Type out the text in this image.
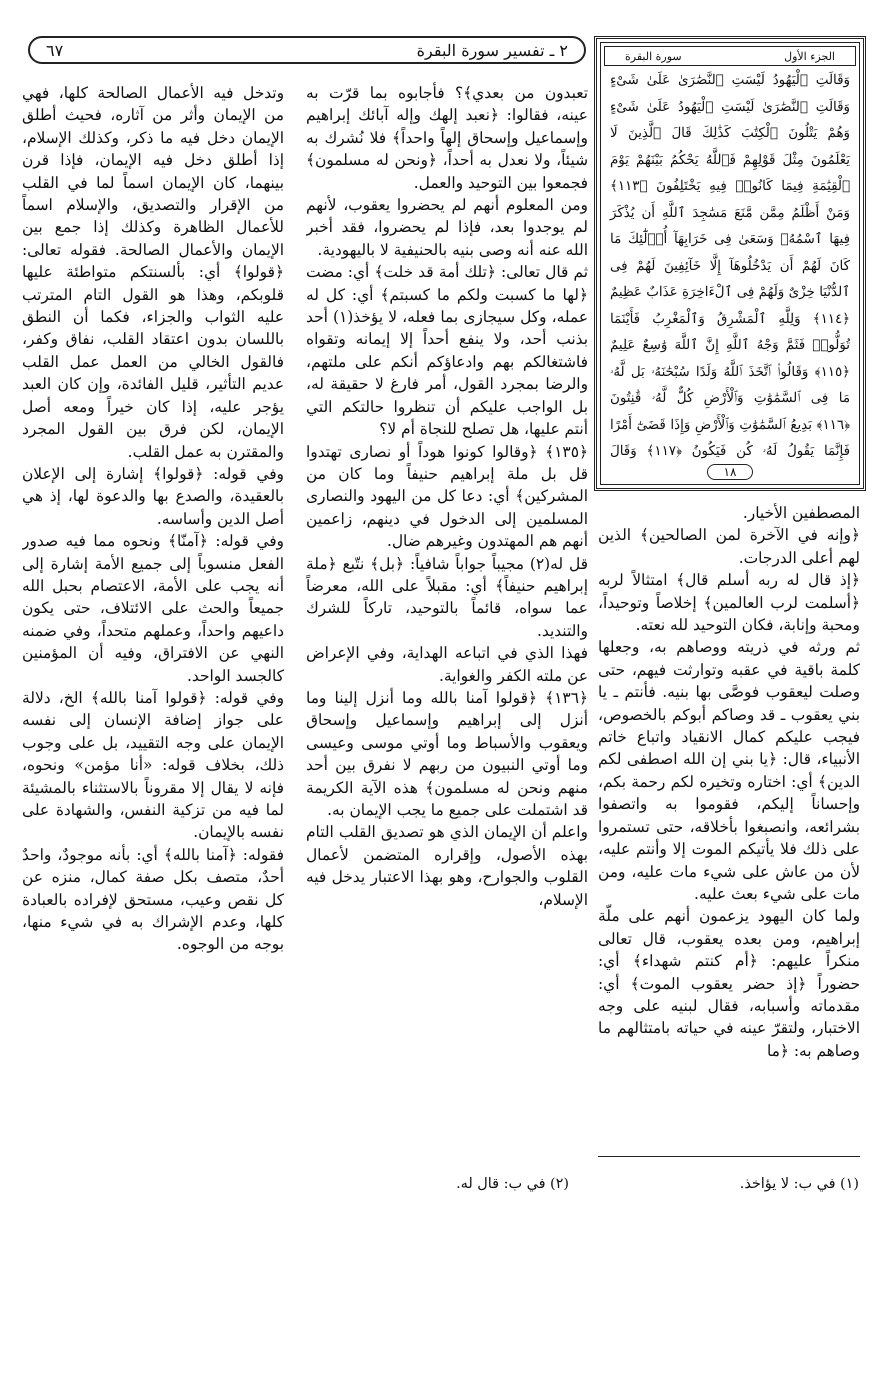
٢ ـ تفسير سورة البقرة
٦٧	الجزء الأول
سورة البقرة
وَقَالَتِ ٱلْيَهُودُ لَيْسَتِ ٱلنَّصَٰرَىٰ عَلَىٰ شَىْءٍ وَقَالَتِ ٱلنَّصَٰرَىٰ لَيْسَتِ ٱلْيَهُودُ عَلَىٰ شَىْءٍ وَهُمْ يَتْلُونَ ٱلْكِتَٰبَ كَذَٰلِكَ قَالَ ٱلَّذِينَ لَا يَعْلَمُونَ مِثْلَ قَوْلِهِمْ فَٱللَّهُ يَحْكُمُ بَيْنَهُمْ يَوْمَ ٱلْقِيَٰمَةِ فِيمَا كَانُوا۟ فِيهِ يَخْتَلِفُونَ ﴿١١٣﴾ وَمَنْ أَظْلَمُ مِمَّن مَّنَعَ مَسَٰجِدَ ٱللَّهِ أَن يُذْكَرَ فِيهَا ٱسْمُهُۥ وَسَعَىٰ فِى خَرَابِهَآ أُو۟لَٰٓئِكَ مَا كَانَ لَهُمْ أَن يَدْخُلُوهَآ إِلَّا خَآئِفِينَ لَهُمْ فِى ٱلدُّنْيَا خِزْىٌ وَلَهُمْ فِى ٱلْءَاخِرَةِ عَذَابٌ عَظِيمٌ ﴿١١٤﴾ وَلِلَّهِ ٱلْمَشْرِقُ وَٱلْمَغْرِبُ فَأَيْنَمَا تُوَلُّوا۟ فَثَمَّ وَجْهُ ٱللَّهِ إِنَّ ٱللَّهَ وَٰسِعٌ عَلِيمٌ ﴿١١٥﴾ وَقَالُوا۟ ٱتَّخَذَ ٱللَّهُ وَلَدًا سُبْحَٰنَهُۥ بَل لَّهُۥ مَا فِى ٱلسَّمَٰوَٰتِ وَٱلْأَرْضِ كُلٌّ لَّهُۥ قَٰنِتُونَ ﴿١١٦﴾ بَدِيعُ ٱلسَّمَٰوَٰتِ وَٱلْأَرْضِ وَإِذَا قَضَىٰٓ أَمْرًا فَإِنَّمَا يَقُولُ لَهُۥ كُن فَيَكُونُ ﴿١١٧﴾ وَقَالَ
١٨

المصطفين الأخيار.

﴿وإنه في الآخرة لمن الصالحين﴾ الذين لهم أعلى الدرجات.

﴿إذ قال له ربه أسلم قال﴾ امتثالاً لربه ﴿أسلمت لرب العالمين﴾ إخلاصاً وتوحيداً، ومحبة وإنابة، فكان التوحيد لله نعته.

ثم ورثه في ذريته ووصاهم به، وجعلها كلمة باقية في عقبه وتوارثت فيهم، حتى وصلت ليعقوب فوصَّى بها بنيه. فأنتم ـ يا بني يعقوب ـ قد وصاكم أبوكم بالخصوص، فيجب عليكم كمال الانقياد واتباع خاتم الأنبياء، قال: ﴿يا بني إن الله اصطفى لكم الدين﴾ أي: اختاره وتخيره لكم رحمة بكم، وإحساناً إليكم، فقوموا به واتصفوا بشرائعه، وانصبغوا بأخلاقه، حتى تستمروا على ذلك فلا يأتيكم الموت إلا وأنتم عليه، لأن من عاش على شيء مات عليه، ومن مات على شيء بعث عليه.

ولما كان اليهود يزعمون أنهم على ملّة إبراهيم، ومن بعده يعقوب، قال تعالى منكراً عليهم: ﴿أم كنتم شهداء﴾ أي: حضوراً ﴿إذ حضر يعقوب الموت﴾ أي: مقدماته وأسبابه، فقال لبنيه على وجه الاختبار، ولتقرّ عينه في حياته بامتثالهم ما وصاهم به: ﴿ما

تعبدون من بعدي﴾؟ فأجابوه بما قرّت به عينه، فقالوا: ﴿نعبد إلهك وإله آبائك إبراهيم وإسماعيل وإسحاق إلهاً واحداً﴾ فلا نُشرك به شيئاً، ولا نعدل به أحداً، ﴿ونحن له مسلمون﴾ فجمعوا بين التوحيد والعمل.

ومن المعلوم أنهم لم يحضروا يعقوب، لأنهم لم يوجدوا بعد، فإذا لم يحضروا، فقد أخبر الله عنه أنه وصى بنيه بالحنيفية لا باليهودية.

ثم قال تعالى: ﴿تلك أمة قد خلت﴾ أي: مضت ﴿لها ما كسبت ولكم ما كسبتم﴾ أي: كل له عمله، وكل سيجازى بما فعله، لا يؤخذ(١) أحد بذنب أحد، ولا ينفع أحداً إلا إيمانه وتقواه فاشتغالكم بهم وادعاؤكم أنكم على ملتهم، والرضا بمجرد القول، أمر فارغ لا حقيقة له، بل الواجب عليكم أن تنظروا حالتكم التي أنتم عليها، هل تصلح للنجاة أم لا؟

﴿١٣٥﴾ ﴿وقالوا كونوا هوداً أو نصارى تهتدوا قل بل ملة إبراهيم حنيفاً وما كان من المشركين﴾ أي: دعا كل من اليهود والنصارى المسلمين إلى الدخول في دينهم، زاعمين أنهم هم المهتدون وغيرهم ضال.

قل له(٢) مجيباً جواباً شافياً: ﴿بل﴾ نتّبع ﴿ملة إبراهيم حنيفاً﴾ أي: مقبلاً على الله، معرضاً عما سواه، قائماً بالتوحيد، تاركاً للشرك والتنديد.

فهذا الذي في اتباعه الهداية، وفي الإعراض عن ملته الكفر والغواية.

﴿١٣٦﴾ ﴿قولوا آمنا بالله وما أنزل إلينا وما أنزل إلى إبراهيم وإسماعيل وإسحاق ويعقوب والأسباط وما أوتي موسى وعيسى وما أوتي النبيون من ربهم لا نفرق بين أحد منهم ونحن له مسلمون﴾ هذه الآية الكريمة قد اشتملت على جميع ما يجب الإيمان به.

واعلم أن الإيمان الذي هو تصديق القلب التام بهذه الأصول، وإقراره المتضمن لأعمال القلوب والجوارح، وهو بهذا الاعتبار يدخل فيه الإسلام،

وتدخل فيه الأعمال الصالحة كلها، فهي من الإيمان وأثر من آثاره، فحيث أطلق الإيمان دخل فيه ما ذكر، وكذلك الإسلام، إذا أطلق دخل فيه الإيمان، فإذا قرن بينهما، كان الإيمان اسماً لما في القلب من الإقرار والتصديق، والإسلام اسماً للأعمال الظاهرة وكذلك إذا جمع بين الإيمان والأعمال الصالحة. فقوله تعالى: ﴿قولوا﴾ أي: بألسنتكم متواطئة عليها قلوبكم، وهذا هو القول التام المترتب عليه الثواب والجزاء، فكما أن النطق باللسان بدون اعتقاد القلب، نفاق وكفر، فالقول الخالي من العمل عمل القلب عديم التأثير، قليل الفائدة، وإن كان العبد يؤجر عليه، إذا كان خيراً ومعه أصل الإيمان، لكن فرق بين القول المجرد والمقترن به عمل القلب.

وفي قوله: ﴿قولوا﴾ إشارة إلى الإعلان بالعقيدة، والصدع بها والدعوة لها، إذ هي أصل الدين وأساسه.

وفي قوله: ﴿آمنّا﴾ ونحوه مما فيه صدور الفعل منسوباً إلى جميع الأمة إشارة إلى أنه يجب على الأمة، الاعتصام بحبل الله جميعاً والحث على الائتلاف، حتى يكون داعيهم واحداً، وعملهم متحداً، وفي ضمنه النهي عن الافتراق، وفيه أن المؤمنين كالجسد الواحد.

وفي قوله: ﴿قولوا آمنا بالله﴾ الخ، دلالة على جواز إضافة الإنسان إلى نفسه الإيمان على وجه التقييد، بل على وجوب ذلك، بخلاف قوله: «أنا مؤمن» ونحوه، فإنه لا يقال إلا مقروناً بالاستثناء بالمشيئة لما فيه من تزكية النفس، والشهادة على نفسه بالإيمان.

فقوله: ﴿آمنا بالله﴾ أي: بأنه موجودٌ، واحدٌ أحدٌ، متصف بكل صفة كمال، منزه عن كل نقص وعيب، مستحق لإفراده بالعبادة كلها، وعدم الإشراك به في شيء منها، بوجه من الوجوه.

(١) في ب: لا يؤاخذ.
(٢) في ب: قال له.
